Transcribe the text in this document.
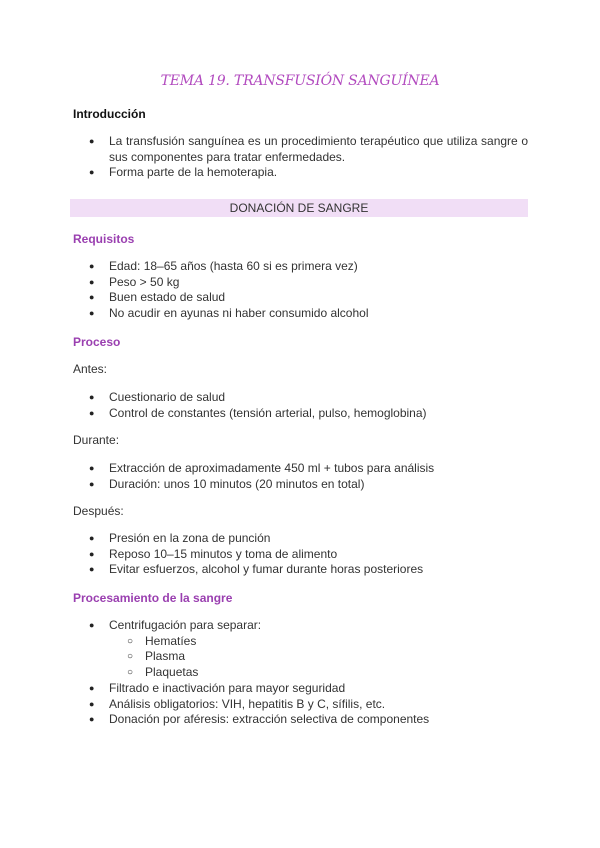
TEMA 19. TRANSFUSIÓN SANGUÍNEA
Introducción
● La transfusión sanguínea es un procedimiento terapéutico que utiliza sangre o sus componentes para tratar enfermedades.
● Forma parte de la hemoterapia.
DONACIÓN DE SANGRE
Requisitos
● Edad: 18–65 años (hasta 60 si es primera vez)
● Peso > 50 kg
● Buen estado de salud
● No acudir en ayunas ni haber consumido alcohol
Proceso
Antes:
● Cuestionario de salud
● Control de constantes (tensión arterial, pulso, hemoglobina)
Durante:
● Extracción de aproximadamente 450 ml + tubos para análisis
● Duración: unos 10 minutos (20 minutos en total)
Después:
● Presión en la zona de punción
● Reposo 10–15 minutos y toma de alimento
● Evitar esfuerzos, alcohol y fumar durante horas posteriores
Procesamiento de la sangre
● Centrifugación para separar:
○ Hematíes
○ Plasma
○ Plaquetas
● Filtrado e inactivación para mayor seguridad
● Análisis obligatorios: VIH, hepatitis B y C, sífilis, etc.
● Donación por aféresis: extracción selectiva de componentes
